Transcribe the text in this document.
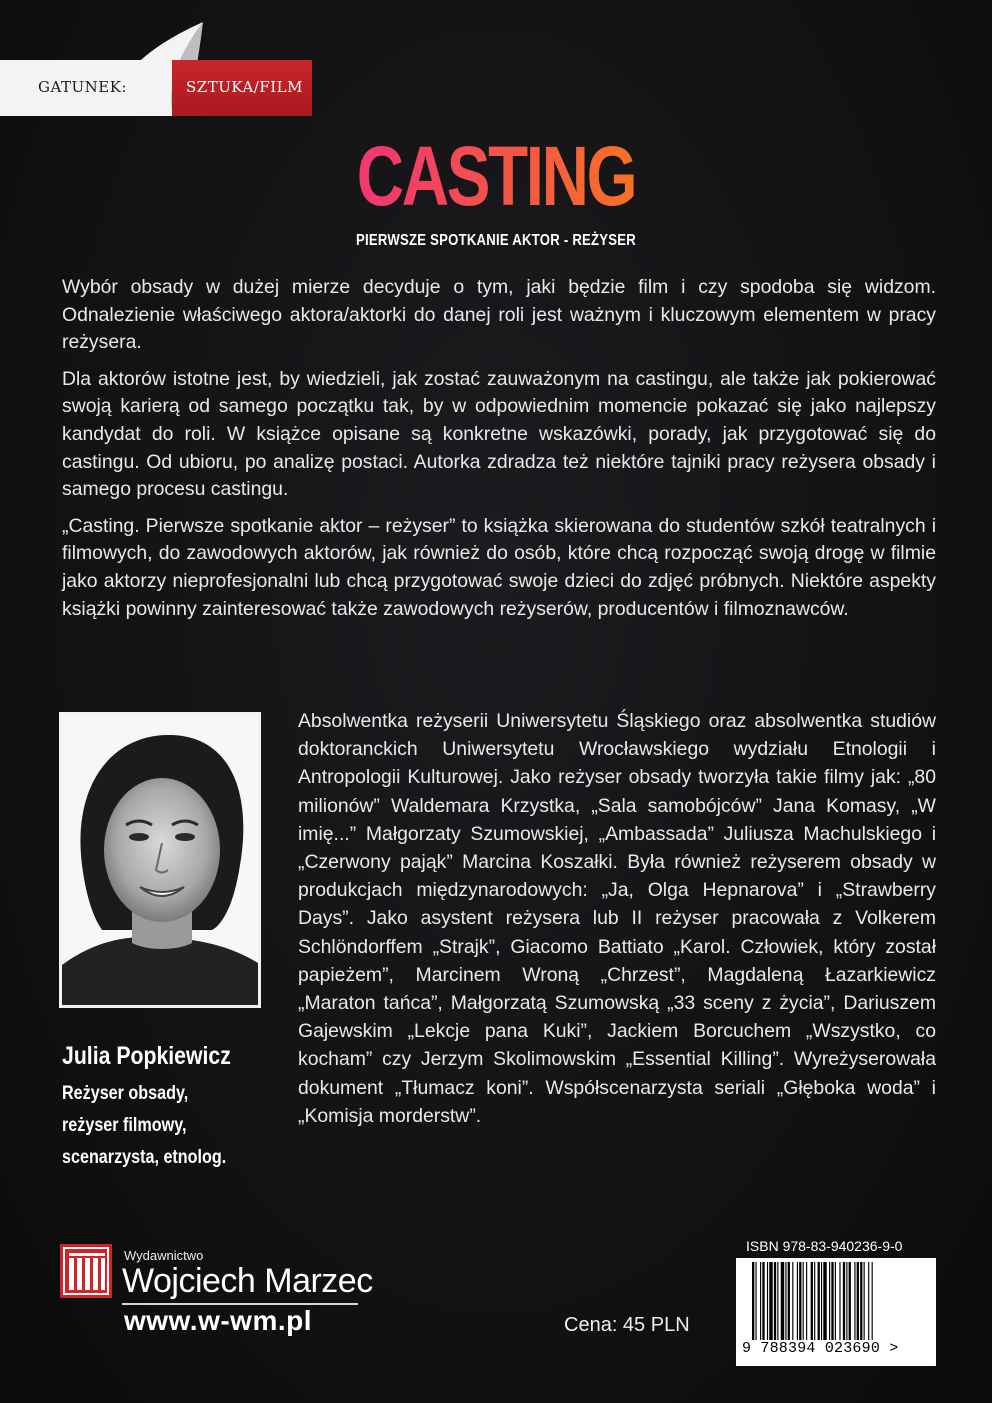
GATUNEK:	SZTUKA/FILM
CASTING
PIERWSZE SPOTKANIE AKTOR - REŻYSER

Wybór obsady w dużej mierze decyduje o tym, jaki będzie film i czy spodoba się widzom. Odnalezienie właściwego aktora/aktorki do danej roli jest ważnym i kluczowym elementem w pracy reżysera.

Dla aktorów istotne jest, by wiedzieli, jak zostać zauważonym na castingu, ale także jak pokierować swoją karierą od samego początku tak, by w odpowiednim momencie pokazać się jako najlepszy kandydat do roli. W książce opisane są konkretne wskazówki, porady, jak przygotować się do castingu. Od ubioru, po analizę postaci. Autorka zdradza też niektóre tajniki pracy reżysera obsady i samego procesu castingu.

„Casting. Pierwsze spotkanie aktor – reżyser” to książka skierowana do studentów szkół teatralnych i filmowych, do zawodowych aktorów, jak również do osób, które chcą rozpocząć swoją drogę w filmie jako aktorzy nieprofesjonalni lub chcą przygotować swoje dzieci do zdjęć próbnych. Niektóre aspekty książki powinny zainteresować także zawodowych reżyserów, producentów i filmoznawców.

Julia Popkiewicz
Reżyser obsady,
reżyser filmowy,
scenarzysta, etnolog.
Absolwentka reżyserii Uniwersytetu Śląskiego oraz absolwentka studiów doktoranckich Uniwersytetu Wrocławskiego wydziału Etnologii i Antropologii Kulturowej. Jako reżyser obsady tworzyła takie filmy jak: „80 milionów” Waldemara Krzystka, „Sala samobójców” Jana Komasy, „W imię...” Małgorzaty Szumowskiej, „Ambassada” Juliusza Machulskiego i „Czerwony pająk” Marcina Koszałki. Była również reżyserem obsady w produkcjach międzynarodowych: „Ja, Olga Hepnarova” i „Strawberry Days”. Jako asystent reżysera lub II reżyser pracowała z Volkerem Schlöndorffem „Strajk”, Giacomo Battiato „Karol. Człowiek, który został papieżem”, Marcinem Wroną „Chrzest”, Magdaleną Łazarkiewicz „Maraton tańca”, Małgorzatą Szumowską „33 sceny z życia”, Dariuszem Gajewskim „Lekcje pana Kuki”, Jackiem Borcuchem „Wszystko, co kocham” czy Jerzym Skolimowskim „Essential Killing”. Wyreżyserowała dokument „Tłumacz koni”. Współscenarzysta seriali „Głęboka woda” i „Komisja morderstw”.
Wydawnictwo
Wojciech Marzec
www.w-wm.pl	Cena: 45 PLN
ISBN 978-83-940236-9-0
9 788394 023690 >
